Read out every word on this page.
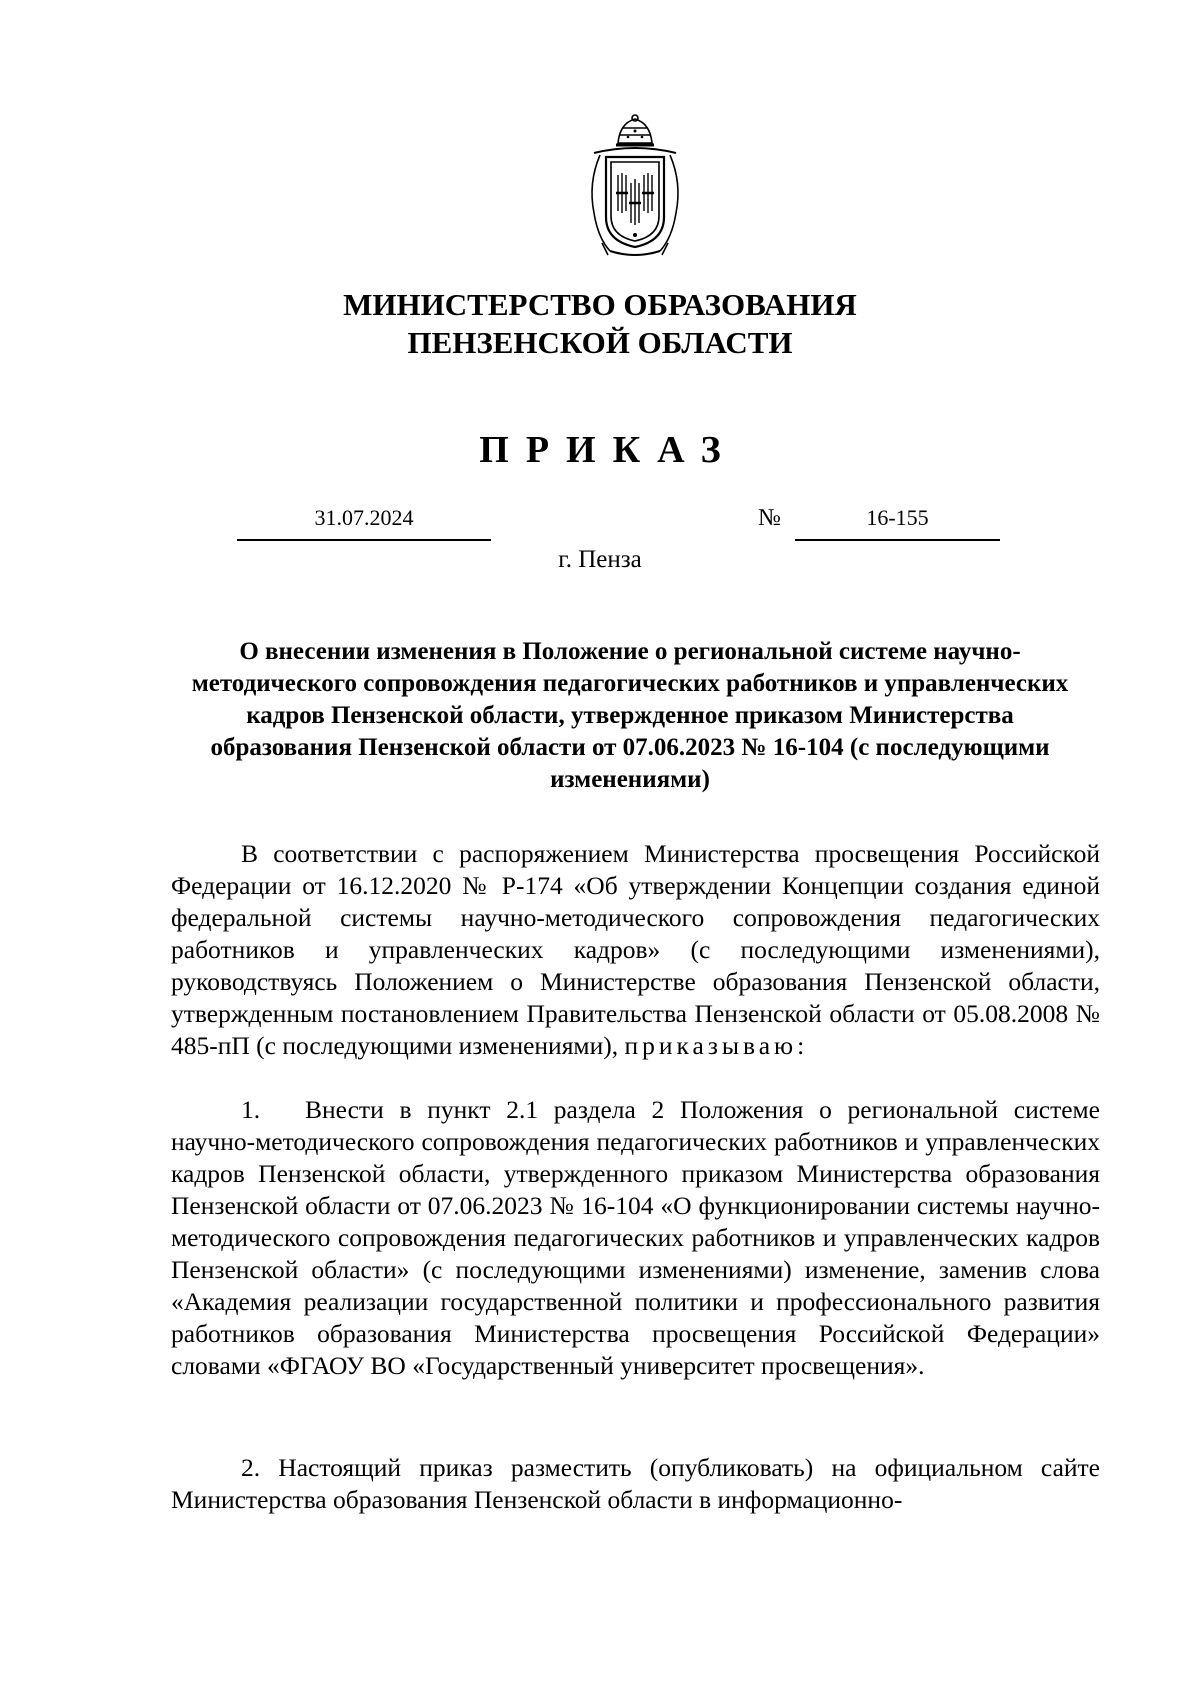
МИНИСТЕРСТВО ОБРАЗОВАНИЯ
ПЕНЗЕНСКОЙ ОБЛАСТИ
ПРИКАЗ
31.07.2024	№	16-155
г. Пенза
О внесении изменения в Положение о региональной системе научно-методического сопровождения педагогических работников и управленческих кадров Пензенской области, утвержденное приказом Министерства образования Пензенской области от 07.06.2023 № 16-104 (с последующими изменениями)
В соответствии с распоряжением Министерства просвещения Российской Федерации от 16.12.2020 № Р-174 «Об утверждении Концепции создания единой федеральной системы научно-методического сопровождения педагогических работников и управленческих кадров» (с последующими изменениями), руководствуясь Положением о Министерстве образования Пензенской области, утвержденным постановлением Правительства Пензенской области от 05.08.2008 № 485-пП (с последующими изменениями), приказываю:
1. Внести в пункт 2.1 раздела 2 Положения о региональной системе научно-методического сопровождения педагогических работников и управленческих кадров Пензенской области, утвержденного приказом Министерства образования Пензенской области от 07.06.2023 № 16-104 «О функционировании системы научно-методического сопровождения педагогических работников и управленческих кадров Пензенской области» (с последующими изменениями) изменение, заменив слова «Академия реализации государственной политики и профессионального развития работников образования Министерства просвещения Российской Федерации» словами «ФГАОУ ВО «Государственный университет просвещения».
2. Настоящий приказ разместить (опубликовать) на официальном сайте Министерства образования Пензенской области в информационно-
